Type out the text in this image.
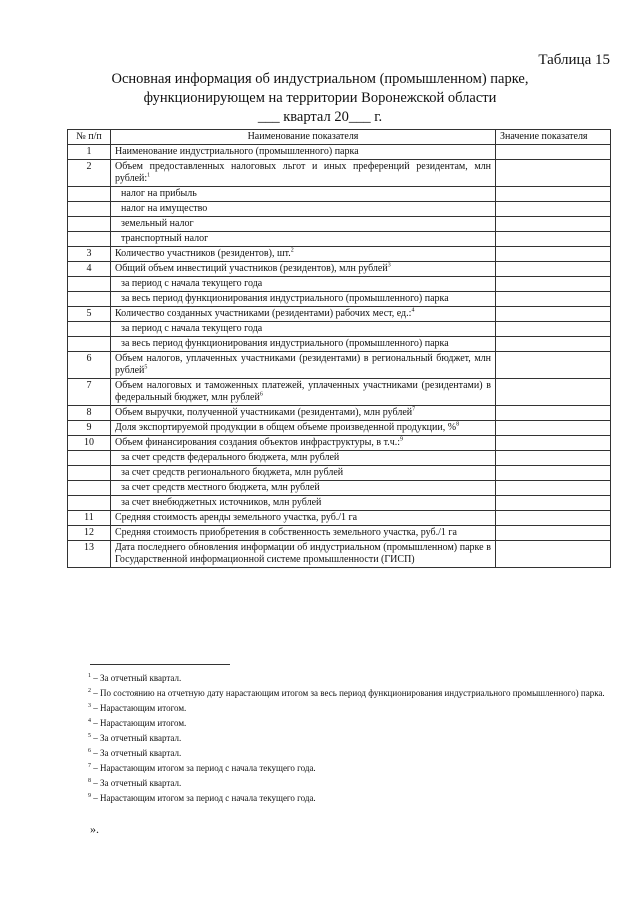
Таблица 15
Основная информация об индустриальном (промышленном) парке,
функционирующем на территории Воронежской области
___ квартал 20___ г.
№ п/п	Наименование показателя	Значение показателя
1	Наименование индустриального (промышленного) парка	
2	Объем предоставленных налоговых льгот и иных преференций резидентам, млн рублей:$^1$	
	налог на прибыль	
	налог на имущество	
	земельный налог	
	транспортный налог	
3	Количество участников (резидентов), шт.$^2$	
4	Общий объем инвестиций участников (резидентов), млн рублей$^3$	
	за период с начала текущего года	
	за весь период функционирования индустриального (промышленного) парка	
5	Количество созданных участниками (резидентами) рабочих мест, ед.:$^4$	
	за период с начала текущего года	
	за весь период функционирования индустриального (промышленного) парка	
6	Объем налогов, уплаченных участниками (резидентами) в региональный бюджет, млн рублей$^5$	
7	Объем налоговых и таможенных платежей, уплаченных участниками (резидентами) в федеральный бюджет, млн рублей$^6$	
8	Объем выручки, полученной участниками (резидентами), млн рублей$^7$	
9	Доля экспортируемой продукции в общем объеме произведенной продукции, %$^8$	
10	Объем финансирования создания объектов инфраструктуры, в т.ч.:$^9$	
	за счет средств федерального бюджета, млн рублей	
	за счет средств регионального бюджета, млн рублей	
	за счет средств местного бюджета, млн рублей	
	за счет внебюджетных источников, млн рублей	
11	Средняя стоимость аренды земельного участка, руб./1 га	
12	Средняя стоимость приобретения в собственность земельного участка, руб./1 га	
13	Дата последнего обновления информации об индустриальном (промышленном) парке в Государственной информационной системе промышленности (ГИСП)	
$^1$ – За отчетный квартал.
$^2$ – По состоянию на отчетную дату нарастающим итогом за весь период функционирования индустриального промышленного) парка.
$^3$ – Нарастающим итогом.
$^4$ – Нарастающим итогом.
$^5$ – За отчетный квартал.
$^6$ – За отчетный квартал.
$^7$ – Нарастающим итогом за период с начала текущего года.
$^8$ – За отчетный квартал.
$^9$ – Нарастающим итогом за период с начала текущего года.
».
